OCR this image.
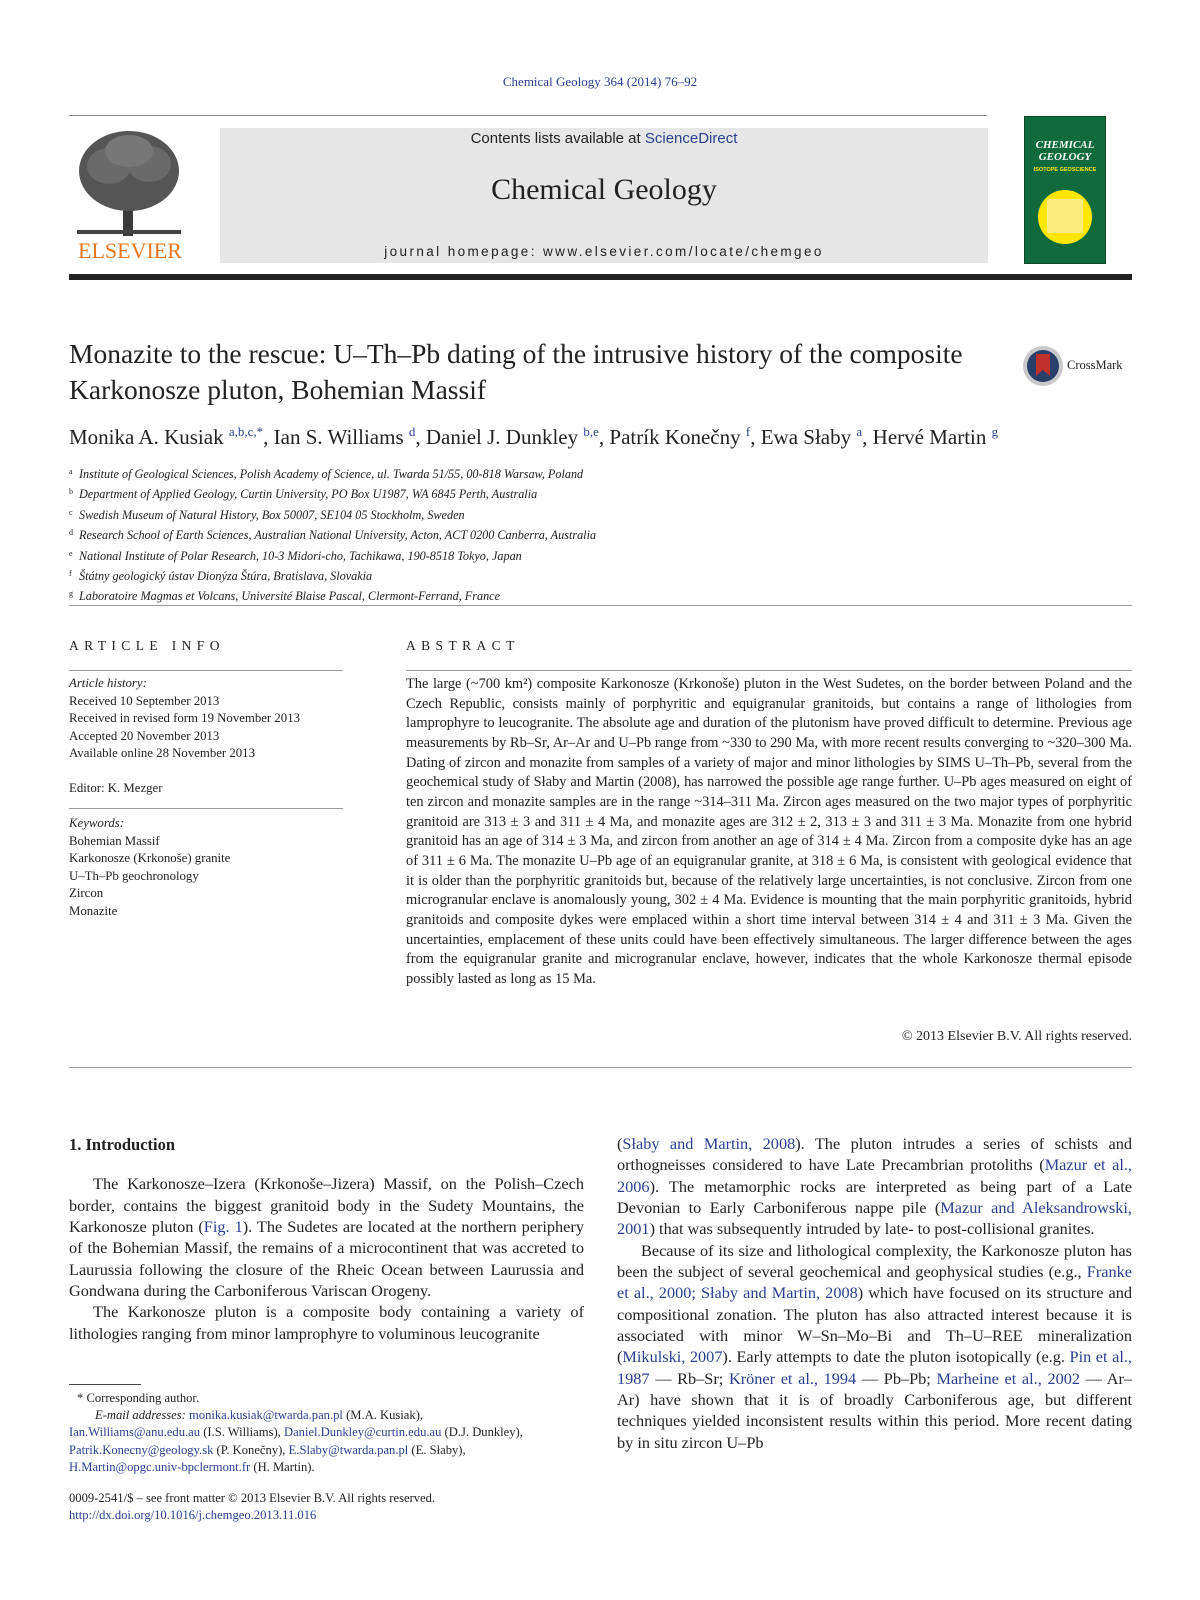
Chemical Geology 364 (2014) 76–92
ELSEVIER
Contents lists available at ScienceDirect
Chemical Geology
journal homepage: www.elsevier.com/locate/chemgeo
CHEMICAL GEOLOGY
ISOTOPE GEOSCIENCE
Monazite to the rescue: U–Th–Pb dating of the intrusive history of the composite Karkonosze pluton, Bohemian Massif
CrossMark
Monika A. Kusiak $^{a,b,c,*}$, Ian S. Williams $^d$, Daniel J. Dunkley $^{b,e}$, Patrík Konečny $^f$, Ewa Słaby $^a$, Hervé Martin $^g$
$^a$ Institute of Geological Sciences, Polish Academy of Science, ul. Twarda 51/55, 00-818 Warsaw, Poland
$^b$ Department of Applied Geology, Curtin University, PO Box U1987, WA 6845 Perth, Australia
$^c$ Swedish Museum of Natural History, Box 50007, SE104 05 Stockholm, Sweden
$^d$ Research School of Earth Sciences, Australian National University, Acton, ACT 0200 Canberra, Australia
$^e$ National Institute of Polar Research, 10-3 Midori-cho, Tachikawa, 190-8518 Tokyo, Japan
$^f$ Štátny geologický ústav Dionýza Štúra, Bratislava, Slovakia
$^g$ Laboratoire Magmas et Volcans, Université Blaise Pascal, Clermont-Ferrand, France
ARTICLE INFO	ABSTRACT
Article history:
Received 10 September 2013
Received in revised form 19 November 2013
Accepted 20 November 2013
Available online 28 November 2013
Editor: K. Mezger
Keywords:
Bohemian Massif
Karkonosze (Krkonoše) granite
U–Th–Pb geochronology
Zircon
Monazite
The large (~700 km²) composite Karkonosze (Krkonoše) pluton in the West Sudetes, on the border between Poland and the Czech Republic, consists mainly of porphyritic and equigranular granitoids, but contains a range of lithologies from lamprophyre to leucogranite. The absolute age and duration of the plutonism have proved difficult to determine. Previous age measurements by Rb–Sr, Ar–Ar and U–Pb range from ~330 to 290 Ma, with more recent results converging to ~320–300 Ma. Dating of zircon and monazite from samples of a variety of major and minor lithologies by SIMS U–Th–Pb, several from the geochemical study of Słaby and Martin (2008), has narrowed the possible age range further. U–Pb ages measured on eight of ten zircon and monazite samples are in the range ~314–311 Ma. Zircon ages measured on the two major types of porphyritic granitoid are 313 ± 3 and 311 ± 4 Ma, and monazite ages are 312 ± 2, 313 ± 3 and 311 ± 3 Ma. Monazite from one hybrid granitoid has an age of 314 ± 3 Ma, and zircon from another an age of 314 ± 4 Ma. Zircon from a composite dyke has an age of 311 ± 6 Ma. The monazite U–Pb age of an equigranular granite, at 318 ± 6 Ma, is consistent with geological evidence that it is older than the porphyritic granitoids but, because of the relatively large uncertainties, is not conclusive. Zircon from one microgranular enclave is anomalously young, 302 ± 4 Ma. Evidence is mounting that the main porphyritic granitoids, hybrid granitoids and composite dykes were emplaced within a short time interval between 314 ± 4 and 311 ± 3 Ma. Given the uncertainties, emplacement of these units could have been effectively simultaneous. The larger difference between the ages from the equigranular granite and microgranular enclave, however, indicates that the whole Karkonosze thermal episode possibly lasted as long as 15 Ma.
© 2013 Elsevier B.V. All rights reserved.
1. Introduction

The Karkonosze–Izera (Krkonoše–Jizera) Massif, on the Polish–Czech border, contains the biggest granitoid body in the Sudety Mountains, the Karkonosze pluton (Fig. 1). The Sudetes are located at the northern periphery of the Bohemian Massif, the remains of a microcontinent that was accreted to Laurussia following the closure of the Rheic Ocean between Laurussia and Gondwana during the Carboniferous Variscan Orogeny.

The Karkonosze pluton is a composite body containing a variety of lithologies ranging from minor lamprophyre to voluminous leucogranite

* Corresponding author.
E-mail addresses: monika.kusiak@twarda.pan.pl (M.A. Kusiak),
Ian.Williams@anu.edu.au (I.S. Williams), Daniel.Dunkley@curtin.edu.au (D.J. Dunkley),
Patrik.Konecny@geology.sk (P. Konečny), E.Slaby@twarda.pan.pl (E. Słaby),
H.Martin@opgc.univ-bpclermont.fr (H. Martin).
0009-2541/$ – see front matter © 2013 Elsevier B.V. All rights reserved.
http://dx.doi.org/10.1016/j.chemgeo.2013.11.016

(Słaby and Martin, 2008). The pluton intrudes a series of schists and orthogneisses considered to have Late Precambrian protoliths (Mazur et al., 2006). The metamorphic rocks are interpreted as being part of a Late Devonian to Early Carboniferous nappe pile (Mazur and Aleksandrowski, 2001) that was subsequently intruded by late- to post-collisional granites.

Because of its size and lithological complexity, the Karkonosze pluton has been the subject of several geochemical and geophysical studies (e.g., Franke et al., 2000; Słaby and Martin, 2008) which have focused on its structure and compositional zonation. The pluton has also attracted interest because it is associated with minor W–Sn–Mo–Bi and Th–U–REE mineralization (Mikulski, 2007). Early attempts to date the pluton isotopically (e.g. Pin et al., 1987 — Rb–Sr; Kröner et al., 1994 — Pb–Pb; Marheine et al., 2002 — Ar–Ar) have shown that it is of broadly Carboniferous age, but different techniques yielded inconsistent results within this period. More recent dating by in situ zircon U–Pb
